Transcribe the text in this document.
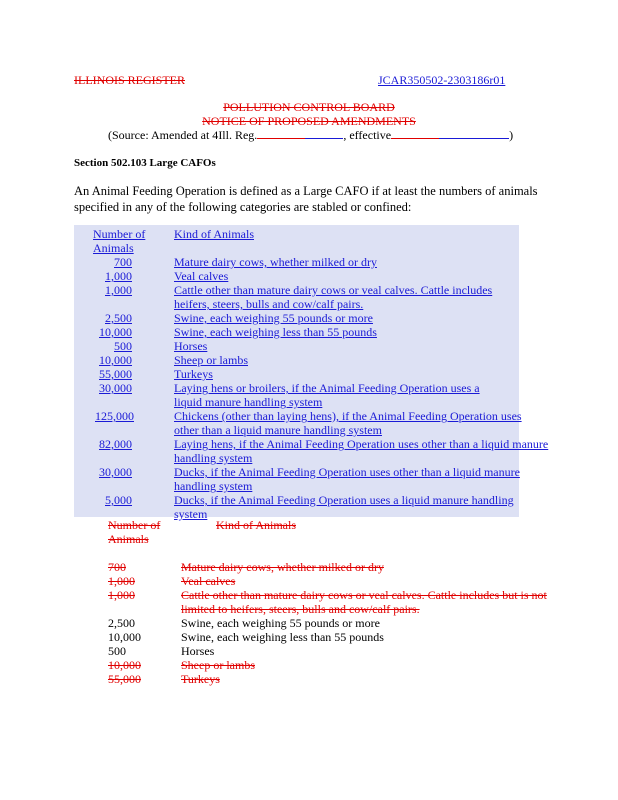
ILLINOIS REGISTER	JCAR350502-2303186r01
POLLUTION CONTROL BOARD
NOTICE OF PROPOSED AMENDMENTS
(Source: Amended at 4Ill. Reg.	, effective	)
Section 502.103 Large CAFOs
An Animal Feeding Operation is defined as a Large CAFO if at least the numbers of animals specified in any of the following categories are stabled or confined:
Number of Animals
Kind of Animals
700	Mature dairy cows, whether milked or dry
1,000	Veal calves
1,000	Cattle other than mature dairy cows or veal calves. Cattle includes heifers, steers, bulls and cow/calf pairs.
2,500	Swine, each weighing 55 pounds or more
10,000	Swine, each weighing less than 55 pounds
500	Horses
10,000	Sheep or lambs
55,000	Turkeys
30,000	Laying hens or broilers, if the Animal Feeding Operation uses a liquid manure handling system
125,000	Chickens (other than laying hens), if the Animal Feeding Operation uses other than a liquid manure handling system
82,000	Laying hens, if the Animal Feeding Operation uses other than a liquid manure handling system
30,000	Ducks, if the Animal Feeding Operation uses other than a liquid manure handling system
5,000	Ducks, if the Animal Feeding Operation uses a liquid manure handling system
Number of Animals
Kind of Animals
700	Mature dairy cows, whether milked or dry
1,000	Veal calves
1,000	Cattle other than mature dairy cows or veal calves. Cattle includes but is not limited to heifers, steers, bulls and cow/calf pairs.
2,500	Swine, each weighing 55 pounds or more
10,000	Swine, each weighing less than 55 pounds
500	Horses
10,000	Sheep or lambs
55,000	Turkeys
